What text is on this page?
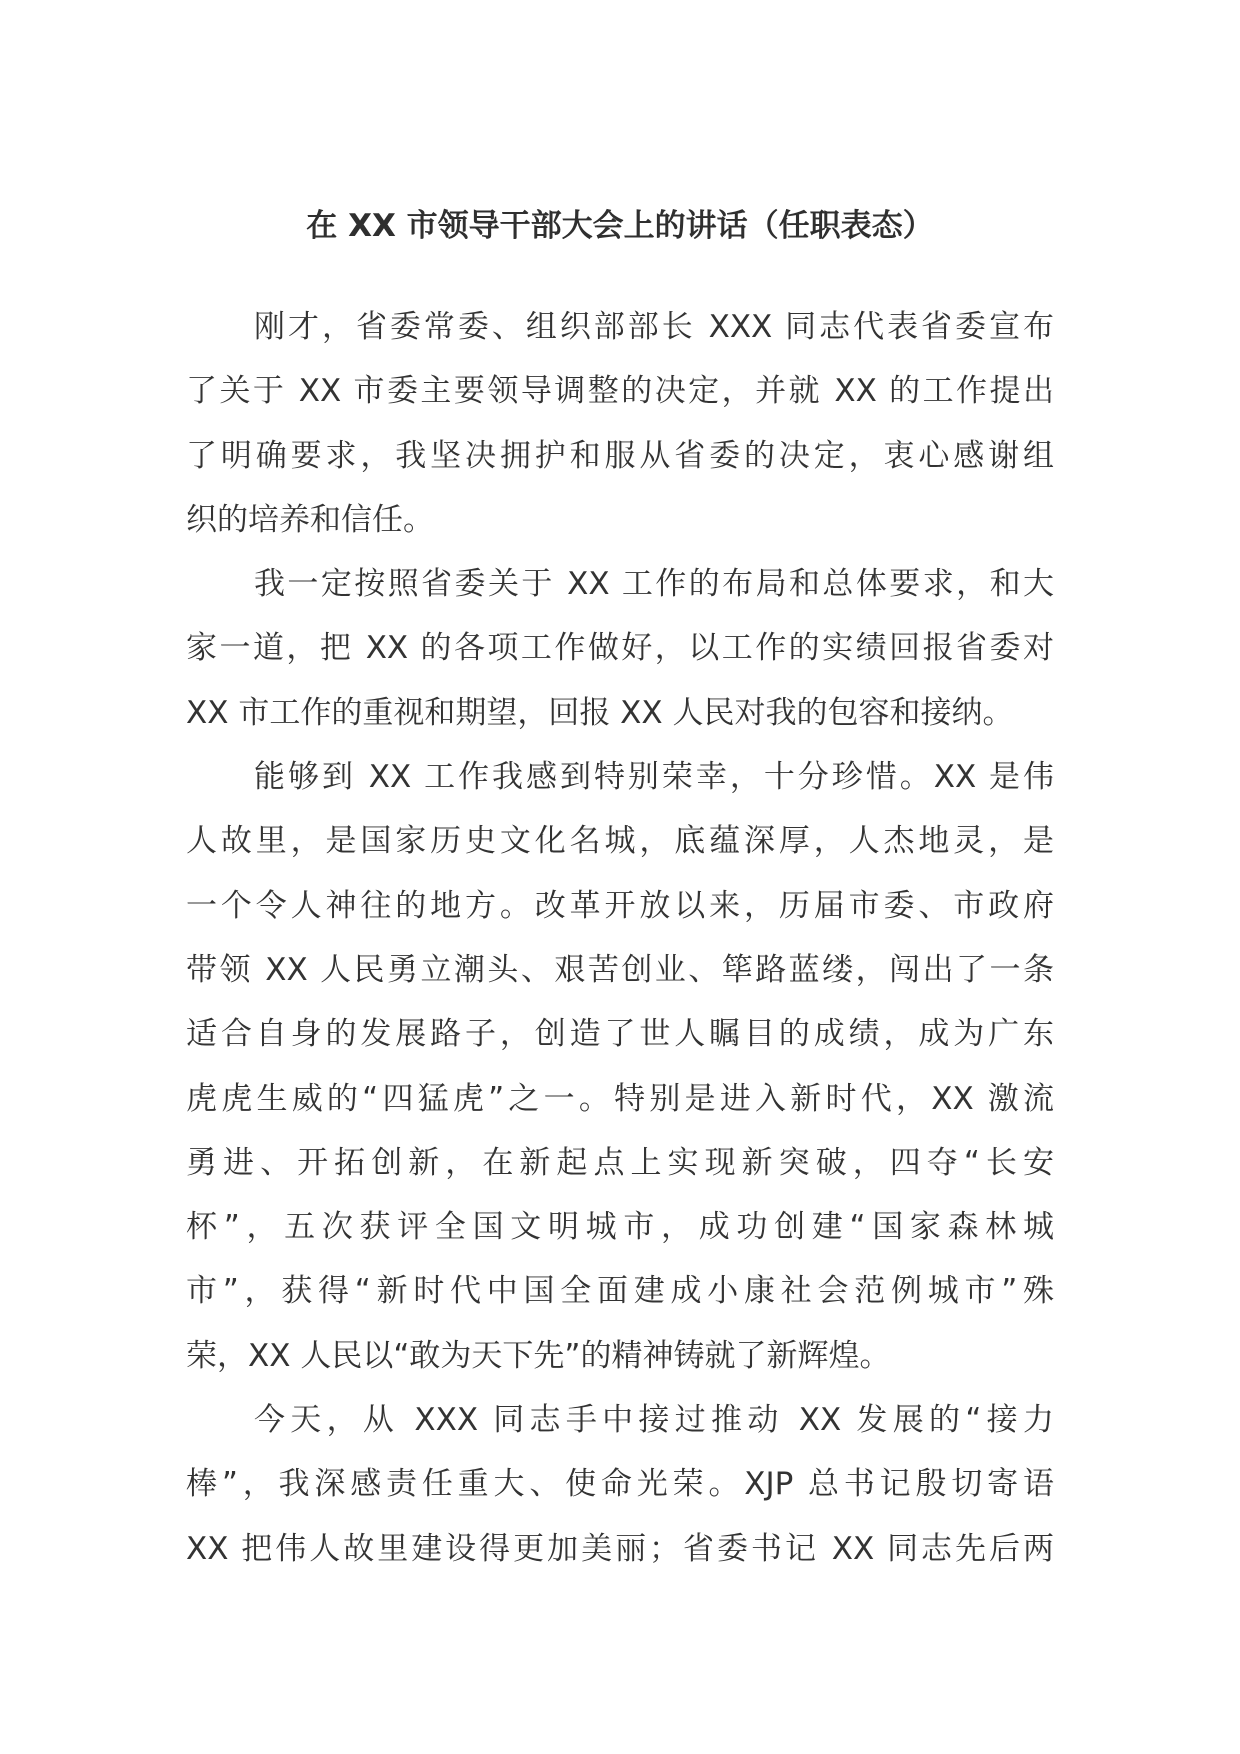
在 XX 市领导干部大会上的讲话（任职表态）
刚才，省委常委、组织部部长 XXX 同志代表省委宣布
了关于 XX 市委主要领导调整的决定，并就 XX 的工作提出
了明确要求，我坚决拥护和服从省委的决定，衷心感谢组
织的培养和信任。
我一定按照省委关于 XX 工作的布局和总体要求，和大
家一道，把 XX 的各项工作做好，以工作的实绩回报省委对
XX 市工作的重视和期望，回报 XX 人民对我的包容和接纳。
能够到 XX 工作我感到特别荣幸，十分珍惜。XX 是伟
人故里，是国家历史文化名城，底蕴深厚，人杰地灵，是
一个令人神往的地方。改革开放以来，历届市委、市政府
带领 XX 人民勇立潮头、艰苦创业、筚路蓝缕，闯出了一条
适合自身的发展路子，创造了世人瞩目的成绩，成为广东
虎虎生威的“四猛虎”之一。特别是进入新时代，XX 激流
勇进、开拓创新，在新起点上实现新突破，四夺“长安
杯”，五次获评全国文明城市，成功创建“国家森林城
市”，获得“新时代中国全面建成小康社会范例城市”殊
荣，XX 人民以“敢为天下先”的精神铸就了新辉煌。
今天，从 XXX 同志手中接过推动 XX 发展的“接力
棒”，我深感责任重大、使命光荣。XJP 总书记殷切寄语
XX 把伟人故里建设得更加美丽；省委书记 XX 同志先后两
